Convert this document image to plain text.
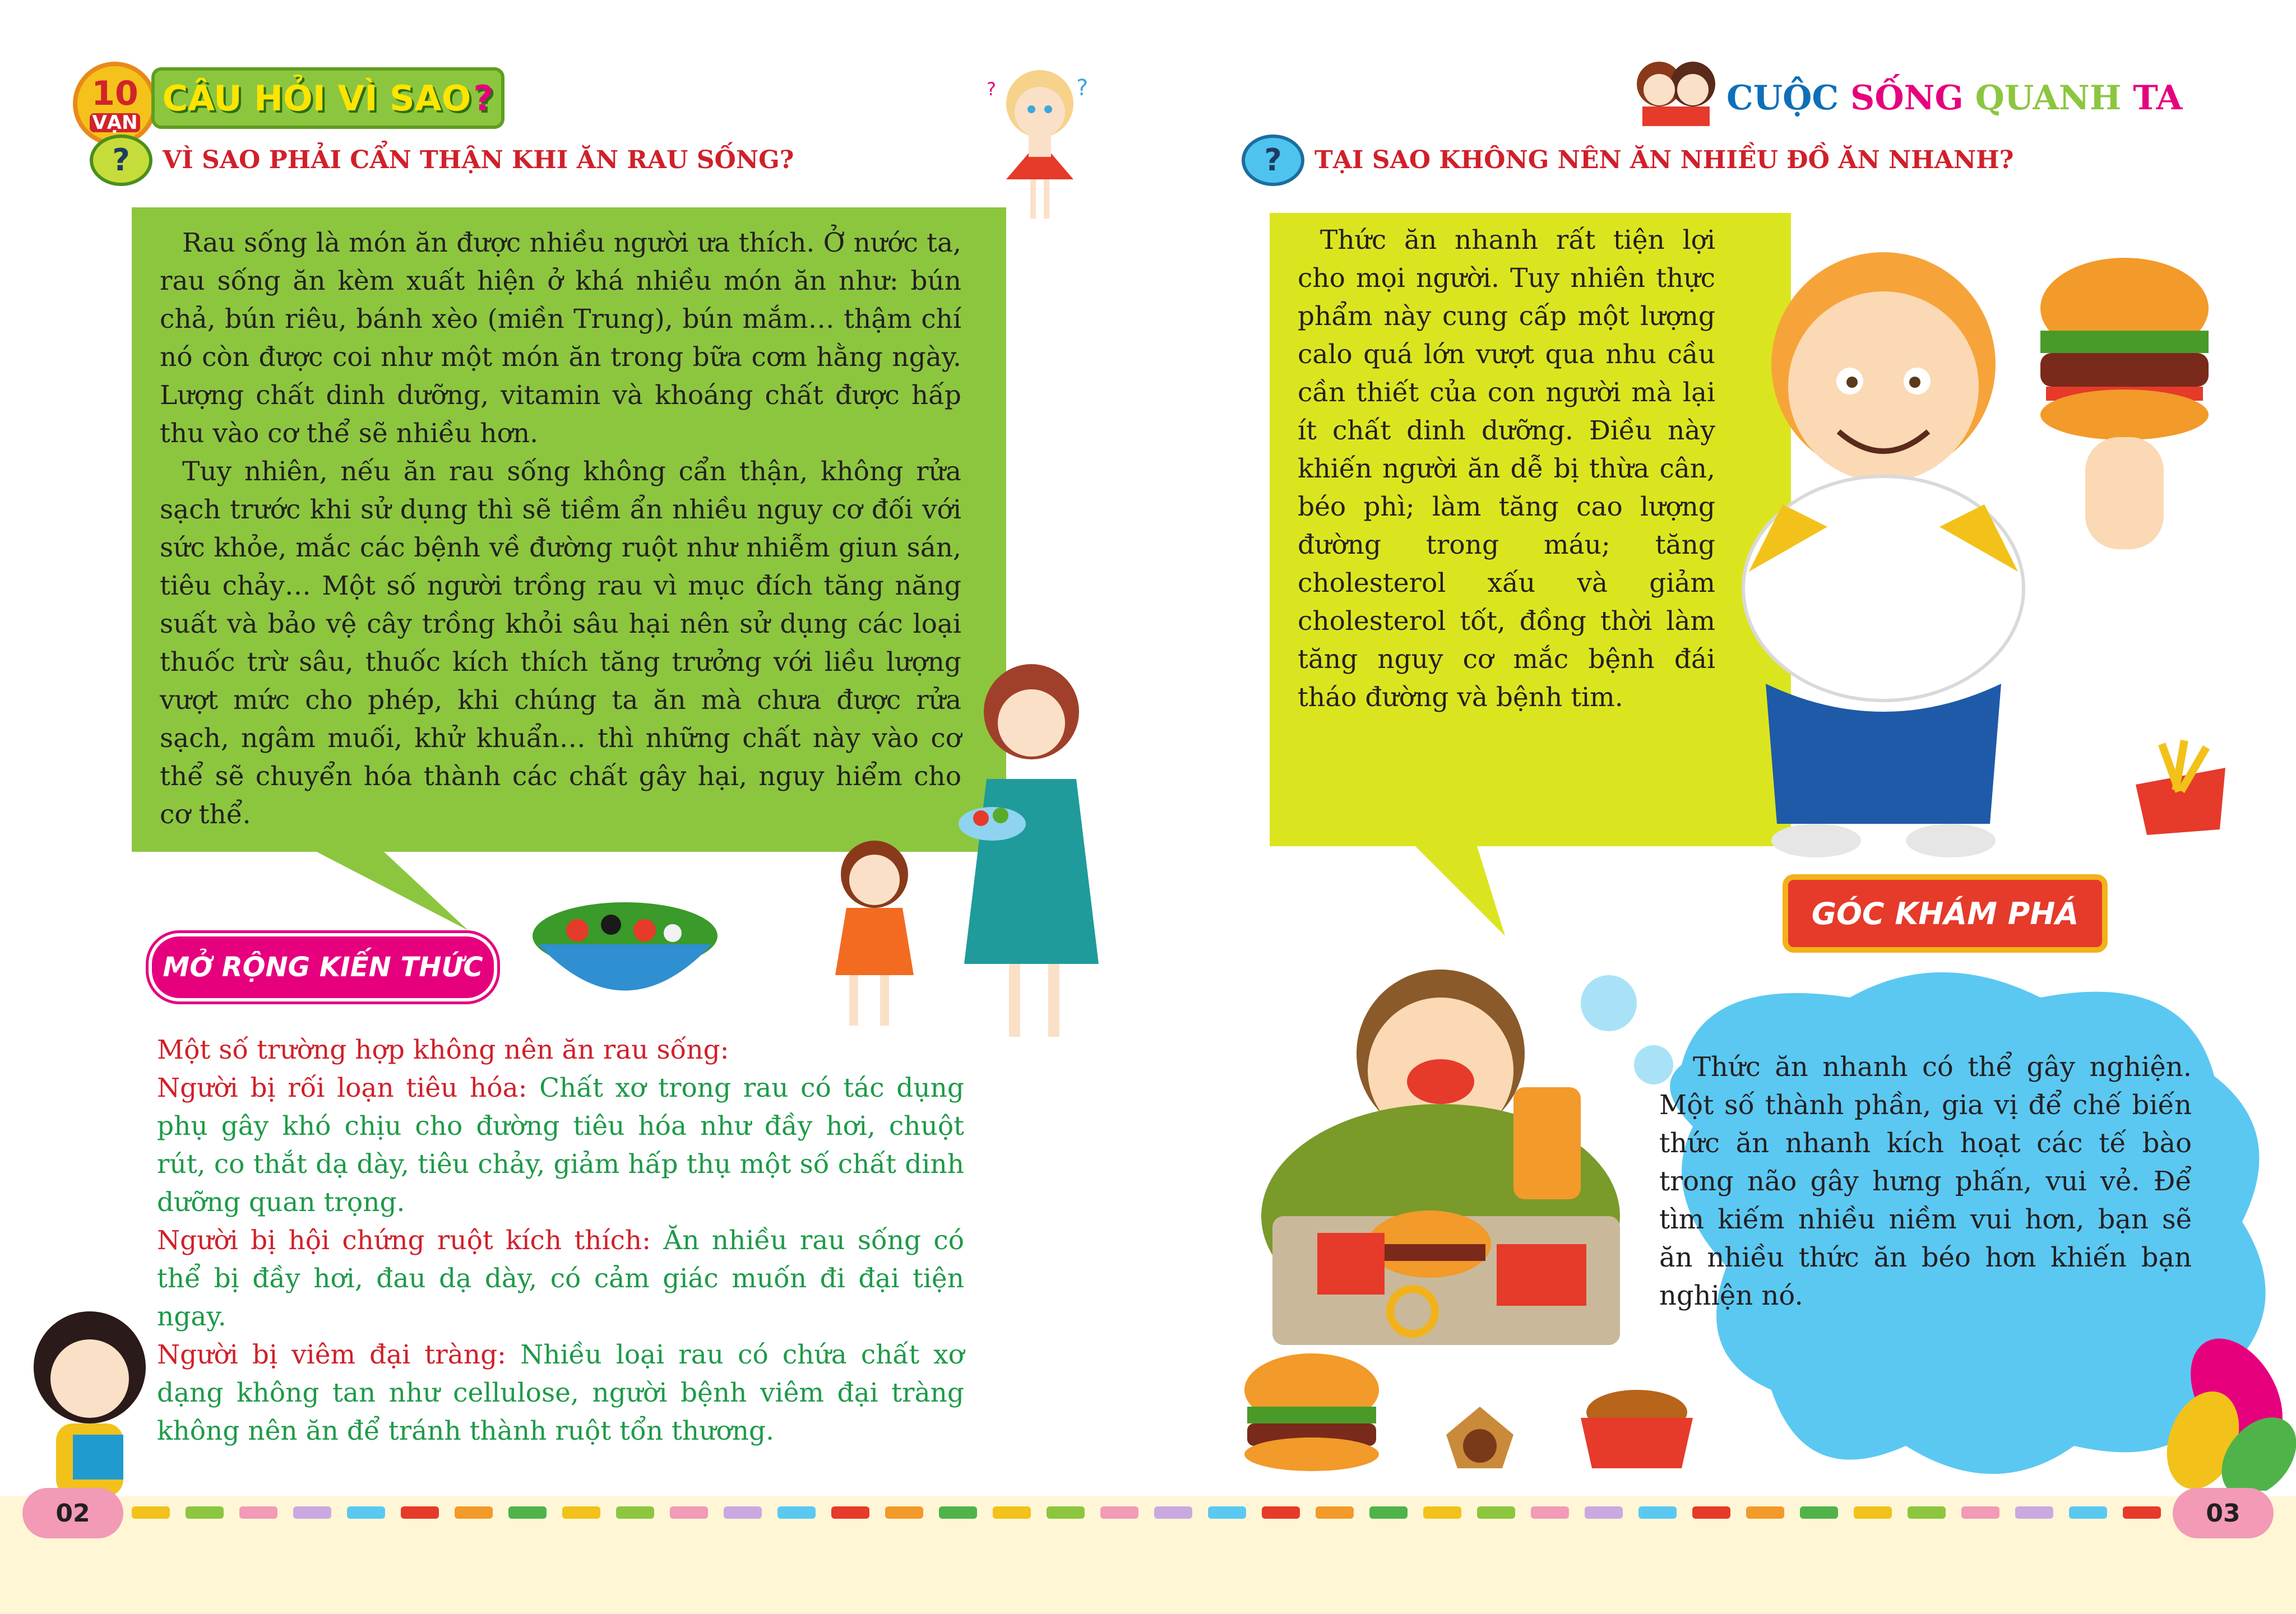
10
VẠN
CÂU HỎI VÌ SAO ?	?
?
?	VÌ SAO PHẢI CẨN THẬN KHI ĂN RAU SỐNG?

Rau sống là món ăn được nhiều người ưa thích. Ở nước ta, rau sống ăn kèm xuất hiện ở khá nhiều món ăn như: bún chả, bún riêu, bánh xèo (miền Trung), bún mắm… thậm chí nó còn được coi như một món ăn trong bữa cơm hằng ngày. Lượng chất dinh dưỡng, vitamin và khoáng chất được hấp thu vào cơ thể sẽ nhiều hơn.

Tuy nhiên, nếu ăn rau sống không cẩn thận, không rửa sạch trước khi sử dụng thì sẽ tiềm ẩn nhiều nguy cơ đối với sức khỏe, mắc các bệnh về đường ruột như nhiễm giun sán, tiêu chảy… Một số người trồng rau vì mục đích tăng năng suất và bảo vệ cây trồng khỏi sâu hại nên sử dụng các loại thuốc trừ sâu, thuốc kích thích tăng trưởng với liều lượng vượt mức cho phép, khi chúng ta ăn mà chưa được rửa sạch, ngâm muối, khử khuẩn… thì những chất này vào cơ thể sẽ chuyển hóa thành các chất gây hại, nguy hiểm cho cơ thể.

MỞ RỘNG KIẾN THỨC
Một số trường hợp không nên ăn rau sống:
Người bị rối loạn tiêu hóa: Chất xơ trong rau có tác dụng phụ gây khó chịu cho đường tiêu hóa như đầy hơi, chuột rút, co thắt dạ dày, tiêu chảy, giảm hấp thụ một số chất dinh dưỡng quan trọng.
Người bị hội chứng ruột kích thích: Ăn nhiều rau sống có thể bị đầy hơi, đau dạ dày, có cảm giác muốn đi đại tiện ngay.
Người bị viêm đại tràng: Nhiều loại rau có chứa chất xơ dạng không tan như cellulose, người bệnh viêm đại tràng không nên ăn để tránh thành ruột tổn thương.
CUỘC SỐNG QUANH TA
?	TẠI SAO KHÔNG NÊN ĂN NHIỀU ĐỒ ĂN NHANH?

Thức ăn nhanh rất tiện lợi cho mọi người. Tuy nhiên thực phẩm này cung cấp một lượng calo quá lớn vượt qua nhu cầu cần thiết của con người mà lại ít chất dinh dưỡng. Điều này khiến người ăn dễ bị thừa cân, béo phì; làm tăng cao lượng đường trong máu; tăng cholesterol xấu và giảm cholesterol tốt, đồng thời làm tăng nguy cơ mắc bệnh đái tháo đường và bệnh tim.

GÓC KHÁM PHÁ

Thức ăn nhanh có thể gây nghiện. Một số thành phần, gia vị để chế biến thức ăn nhanh kích hoạt các tế bào trong não gây hưng phấn, vui vẻ. Để tìm kiếm nhiều niềm vui hơn, bạn sẽ ăn nhiều thức ăn béo hơn khiến bạn nghiện nó.

02	03
